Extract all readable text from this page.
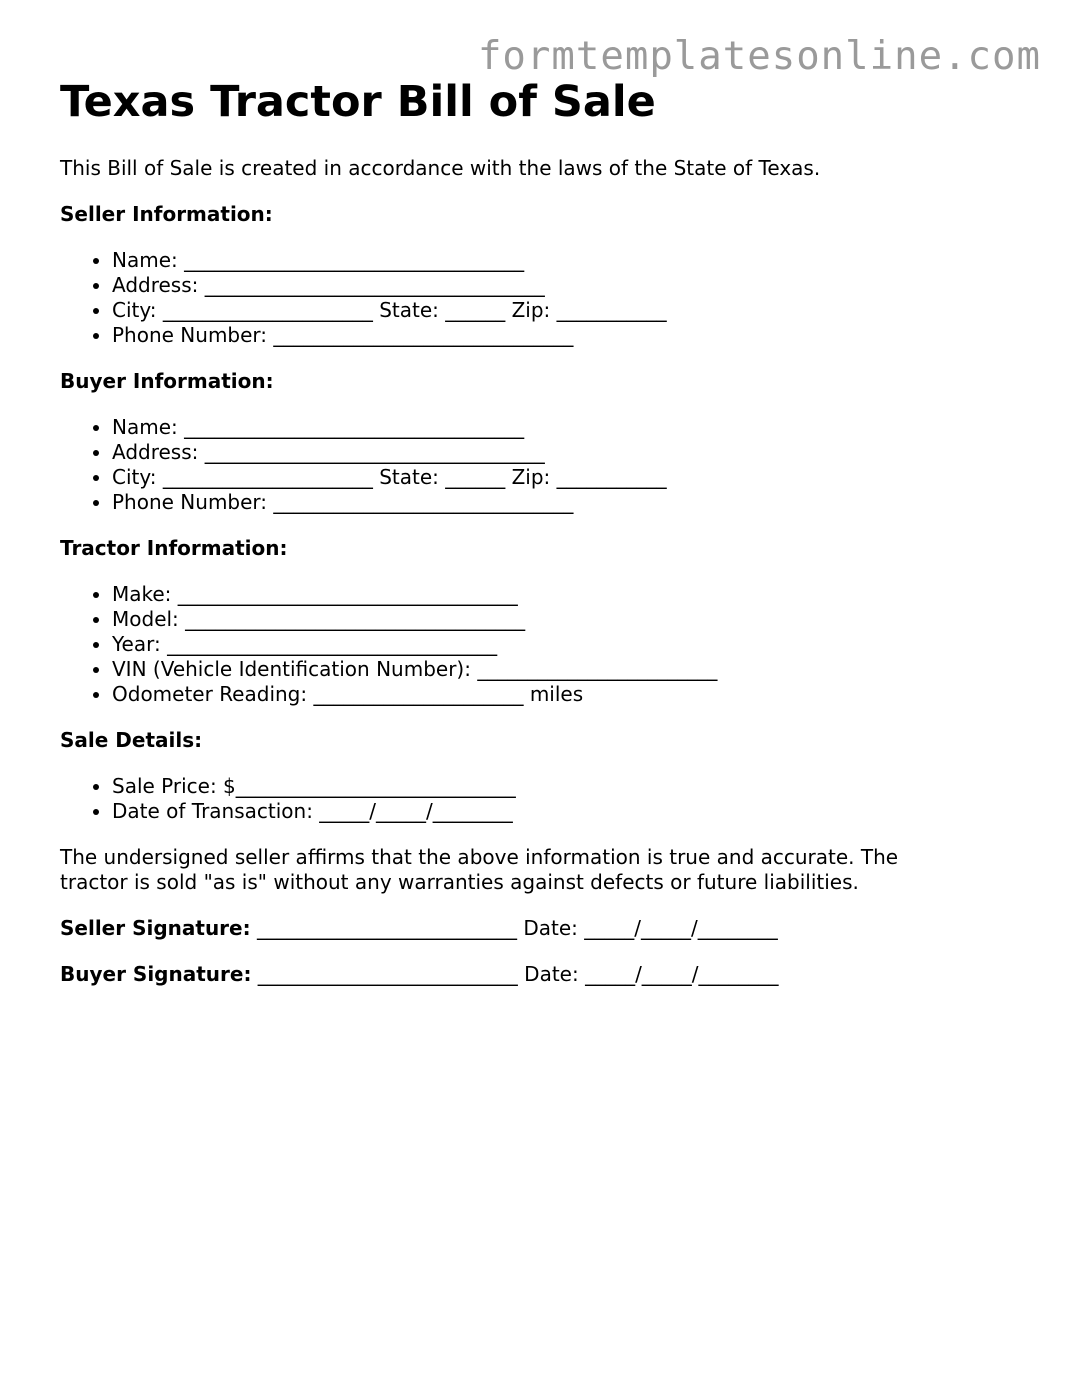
formtemplatesonline.com
Texas Tractor Bill of Sale

This Bill of Sale is created in accordance with the laws of the State of Texas.

Seller Information:

• Name: __________________________________
• Address: __________________________________
• City: _____________________ State: ______ Zip: ___________
• Phone Number: ______________________________

Buyer Information:

• Name: __________________________________
• Address: __________________________________
• City: _____________________ State: ______ Zip: ___________
• Phone Number: ______________________________

Tractor Information:

• Make: __________________________________
• Model: __________________________________
• Year: _________________________________
• VIN (Vehicle Identification Number): ________________________
• Odometer Reading: _____________________ miles

Sale Details:

• Sale Price: $____________________________
• Date of Transaction: _____/_____/________

The undersigned seller affirms that the above information is true and accurate. The
tractor is sold "as is" without any warranties against defects or future liabilities.

Seller Signature: __________________________ Date: _____/_____/________

Buyer Signature: __________________________ Date: _____/_____/________
